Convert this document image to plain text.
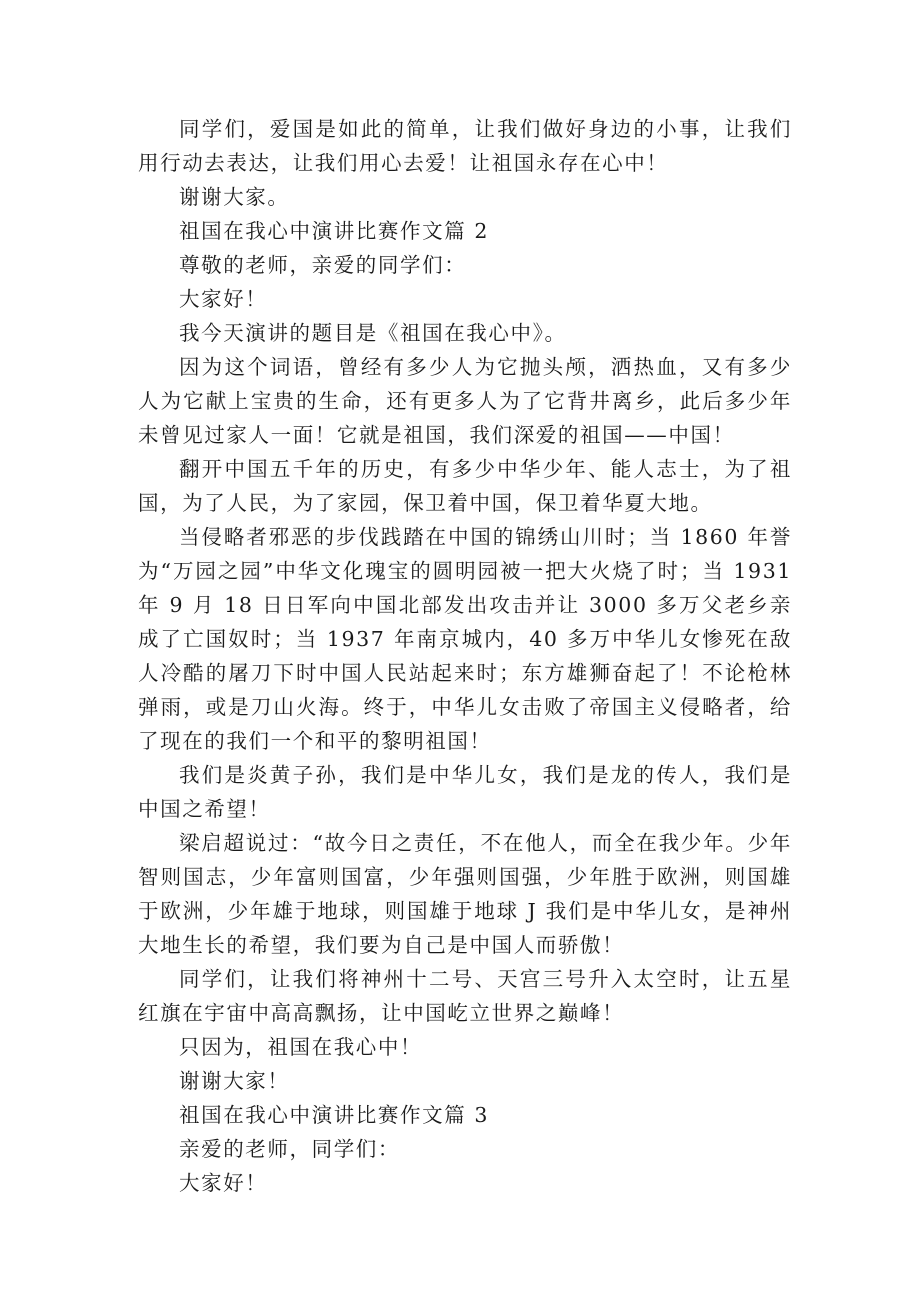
同学们，爱国是如此的简单，让我们做好身边的小事，让我们用行动去表达，让我们用心去爱！让祖国永存在心中！

谢谢大家。

祖国在我心中演讲比赛作文篇 2

尊敬的老师，亲爱的同学们：

大家好！

我今天演讲的题目是《祖国在我心中》。

因为这个词语，曾经有多少人为它抛头颅，洒热血，又有多少人为它献上宝贵的生命，还有更多人为了它背井离乡，此后多少年未曾见过家人一面！它就是祖国，我们深爱的祖国——中国！

翻开中国五千年的历史，有多少中华少年、能人志士，为了祖国，为了人民，为了家园，保卫着中国，保卫着华夏大地。

当侵略者邪恶的步伐践踏在中国的锦绣山川时；当 1860 年誉为“万园之园”中华文化瑰宝的圆明园被一把大火烧了时；当 1931 年 9 月 18 日日军向中国北部发出攻击并让 3000 多万父老乡亲成了亡国奴时；当 1937 年南京城内，40 多万中华儿女惨死在敌人冷酷的屠刀下时中国人民站起来时；东方雄狮奋起了！不论枪林弹雨，或是刀山火海。终于，中华儿女击败了帝国主义侵略者，给了现在的我们一个和平的黎明祖国！

我们是炎黄子孙，我们是中华儿女，我们是龙的传人，我们是中国之希望！

梁启超说过：“故今日之责任，不在他人，而全在我少年。少年智则国志，少年富则国富，少年强则国强，少年胜于欧洲，则国雄于欧洲，少年雄于地球，则国雄于地球 J 我们是中华儿女，是神州大地生长的希望，我们要为自己是中国人而骄傲！

同学们，让我们将神州十二号、天宫三号升入太空时，让五星红旗在宇宙中高高飘扬，让中国屹立世界之巅峰！

只因为，祖国在我心中！

谢谢大家！

祖国在我心中演讲比赛作文篇 3

亲爱的老师，同学们：

大家好！
